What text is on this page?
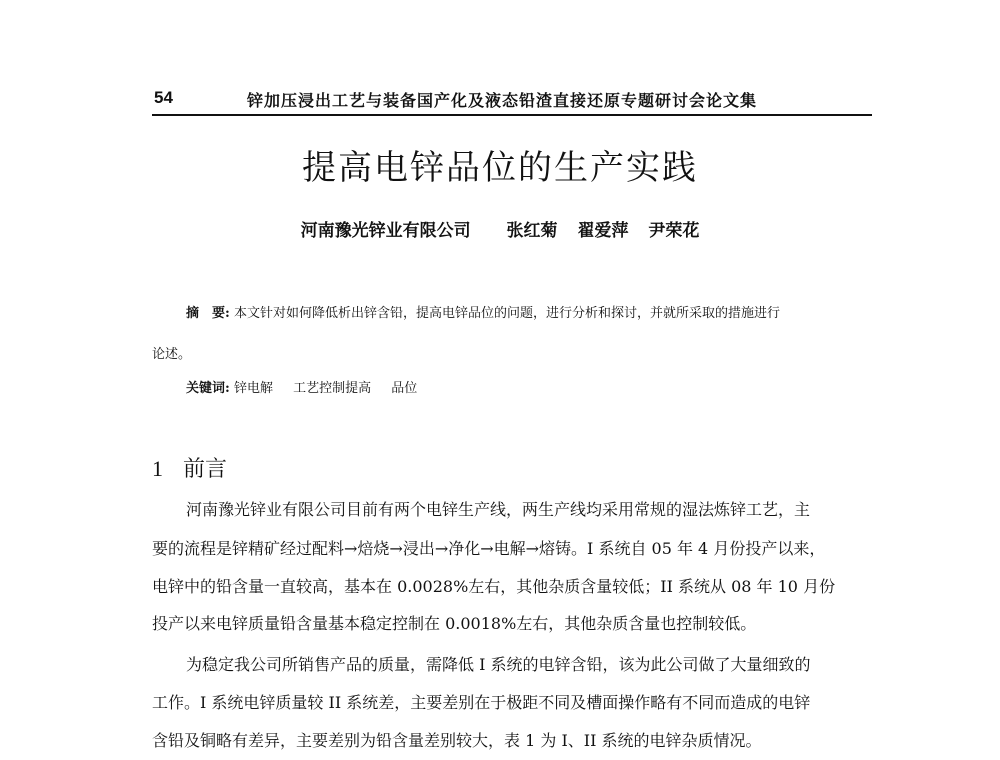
54	锌加压浸出工艺与装备国产化及液态铅渣直接还原专题研讨会论文集
提高电锌品位的生产实践
河南豫光锌业有限公司 张红菊 翟爱萍 尹荣花
摘　要: 本文针对如何降低析出锌含铅，提高电锌品位的问题，进行分析和探讨，并就所采取的措施进行
论述。
关键词: 锌电解 工艺控制提高 品位
1 前言
河南豫光锌业有限公司目前有两个电锌生产线，两生产线均采用常规的湿法炼锌工艺，主
要的流程是锌精矿经过配料→焙烧→浸出→净化→电解→熔铸。I 系统自 05 年 4 月份投产以来，
电锌中的铅含量一直较高，基本在 0.0028%左右，其他杂质含量较低；II 系统从 08 年 10 月份
投产以来电锌质量铅含量基本稳定控制在 0.0018%左右，其他杂质含量也控制较低。
为稳定我公司所销售产品的质量，需降低 I 系统的电锌含铅，该为此公司做了大量细致的
工作。I 系统电锌质量较 II 系统差，主要差别在于极距不同及槽面操作略有不同而造成的电锌
含铅及铜略有差异，主要差别为铅含量差别较大，表 1 为 I、II 系统的电锌杂质情况。
